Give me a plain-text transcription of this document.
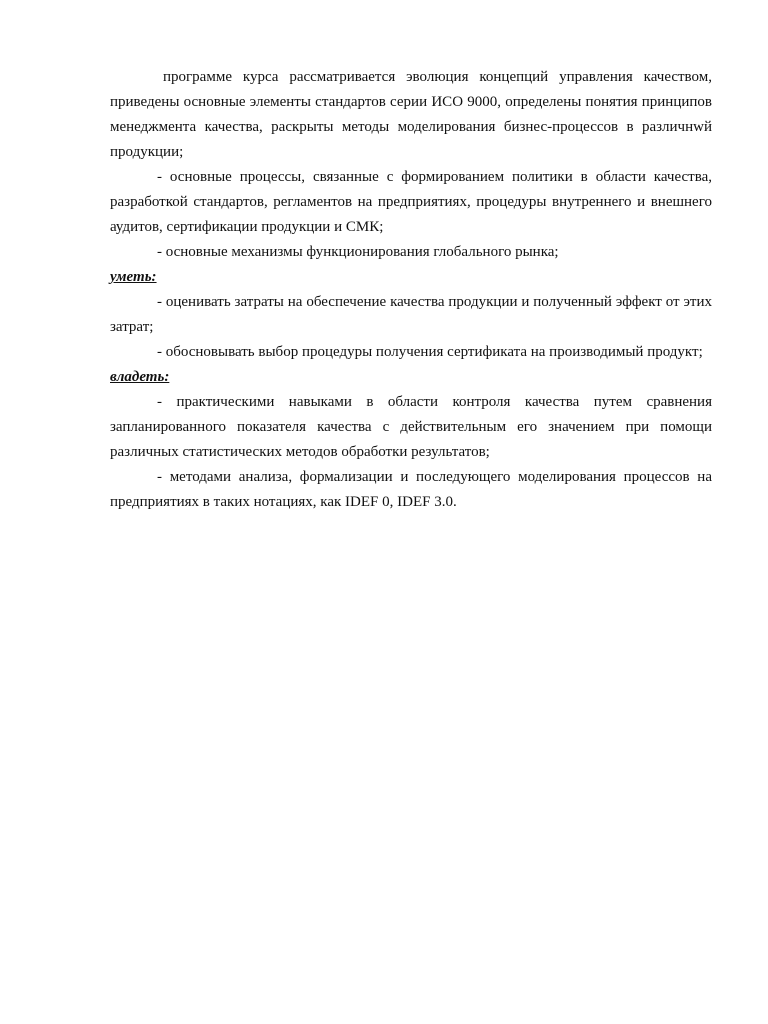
программе курса рассматривается эволюция концепций управления качеством, приведены основные элементы стандартов серии ИСО 9000, определены понятия принципов менеджмента качества, раскрыты методы моделирования бизнес-процессов в различнwй продукции;

- основные процессы, связанные с формированием политики в области качества, разработкой стандартов, регламентов на предприятиях, процедуры внутреннего и внешнего аудитов, сертификации продукции и СМК;

- основные механизмы функционирования глобального рынка;

уметь:

- оценивать затраты на обеспечение качества продукции и полученный эффект от этих затрат;

- обосновывать выбор процедуры получения сертификата на производимый продукт;

владеть:

- практическими навыками в области контроля качества путем сравнения запланированного показателя качества с действительным его значением при помощи различных статистических методов обработки результатов;

- методами анализа, формализации и последующего моделирования процессов на предприятиях в таких нотациях, как IDEF 0, IDEF 3.0.
